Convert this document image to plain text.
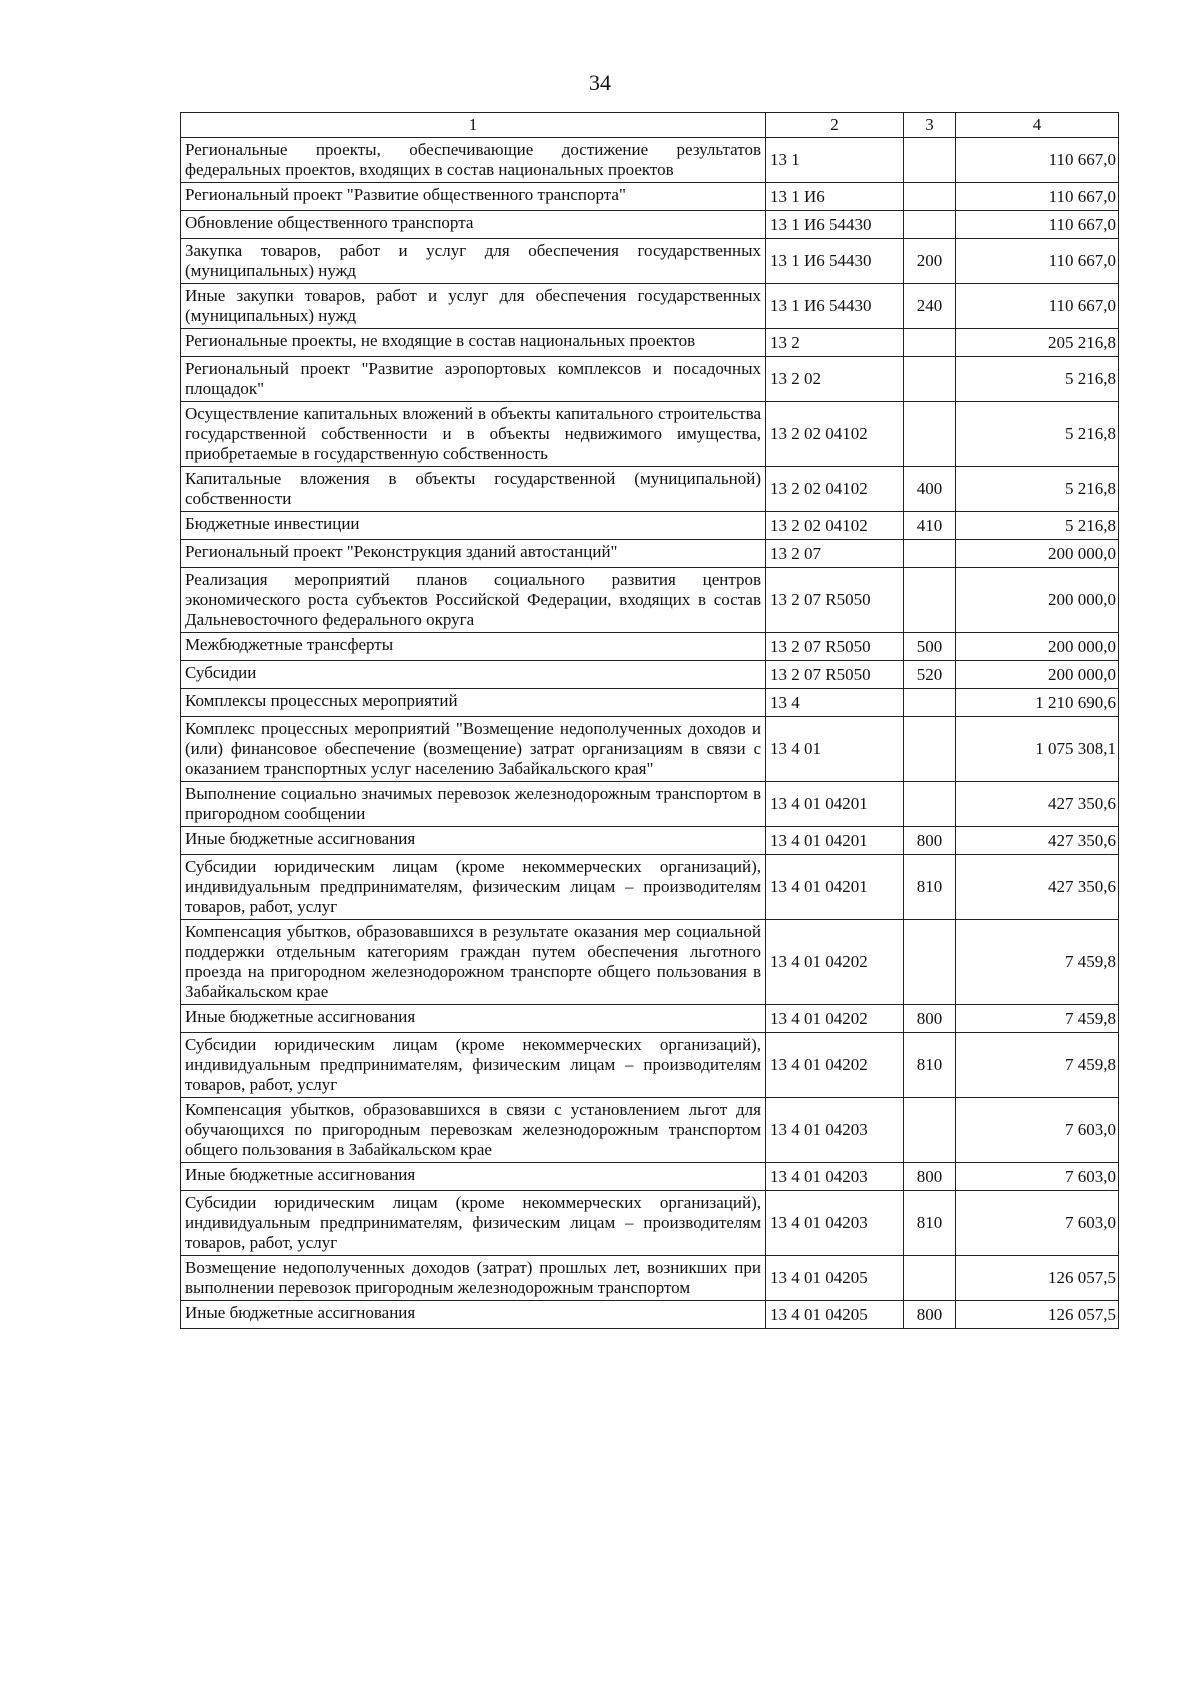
34
1	2	3	4
Региональные проекты, обеспечивающие достижение результатов федеральных проектов, входящих в состав национальных проектов	13 1		110 667,0
Региональный проект "Развитие общественного транспорта"	13 1 И6		110 667,0
Обновление общественного транспорта	13 1 И6 54430		110 667,0
Закупка товаров, работ и услуг для обеспечения государственных (муниципальных) нужд	13 1 И6 54430	200	110 667,0
Иные закупки товаров, работ и услуг для обеспечения государственных (муниципальных) нужд	13 1 И6 54430	240	110 667,0
Региональные проекты, не входящие в состав национальных проектов	13 2		205 216,8
Региональный проект "Развитие аэропортовых комплексов и посадочных площадок"	13 2 02		5 216,8
Осуществление капитальных вложений в объекты капитального строительства государственной собственности и в объекты недвижимого имущества, приобретаемые в государственную собственность	13 2 02 04102		5 216,8
Капитальные вложения в объекты государственной (муниципальной) собственности	13 2 02 04102	400	5 216,8
Бюджетные инвестиции	13 2 02 04102	410	5 216,8
Региональный проект "Реконструкция зданий автостанций"	13 2 07		200 000,0
Реализация мероприятий планов социального развития центров экономического роста субъектов Российской Федерации, входящих в состав Дальневосточного федерального округа	13 2 07 R5050		200 000,0
Межбюджетные трансферты	13 2 07 R5050	500	200 000,0
Субсидии	13 2 07 R5050	520	200 000,0
Комплексы процессных мероприятий	13 4		1 210 690,6
Комплекс процессных мероприятий "Возмещение недополученных доходов и (или) финансовое обеспечение (возмещение) затрат организациям в связи с оказанием транспортных услуг населению Забайкальского края"	13 4 01		1 075 308,1
Выполнение социально значимых перевозок железнодорожным транспортом в пригородном сообщении	13 4 01 04201		427 350,6
Иные бюджетные ассигнования	13 4 01 04201	800	427 350,6
Субсидии юридическим лицам (кроме некоммерческих организаций), индивидуальным предпринимателям, физическим лицам – производителям товаров, работ, услуг	13 4 01 04201	810	427 350,6
Компенсация убытков, образовавшихся в результате оказания мер социальной поддержки отдельным категориям граждан путем обеспечения льготного проезда на пригородном железнодорожном транспорте общего пользования в Забайкальском крае	13 4 01 04202		7 459,8
Иные бюджетные ассигнования	13 4 01 04202	800	7 459,8
Субсидии юридическим лицам (кроме некоммерческих организаций), индивидуальным предпринимателям, физическим лицам – производителям товаров, работ, услуг	13 4 01 04202	810	7 459,8
Компенсация убытков, образовавшихся в связи с установлением льгот для обучающихся по пригородным перевозкам железнодорожным транспортом общего пользования в Забайкальском крае	13 4 01 04203		7 603,0
Иные бюджетные ассигнования	13 4 01 04203	800	7 603,0
Субсидии юридическим лицам (кроме некоммерческих организаций), индивидуальным предпринимателям, физическим лицам – производителям товаров, работ, услуг	13 4 01 04203	810	7 603,0
Возмещение недополученных доходов (затрат) прошлых лет, возникших при выполнении перевозок пригородным железнодорожным транспортом	13 4 01 04205		126 057,5
Иные бюджетные ассигнования	13 4 01 04205	800	126 057,5
